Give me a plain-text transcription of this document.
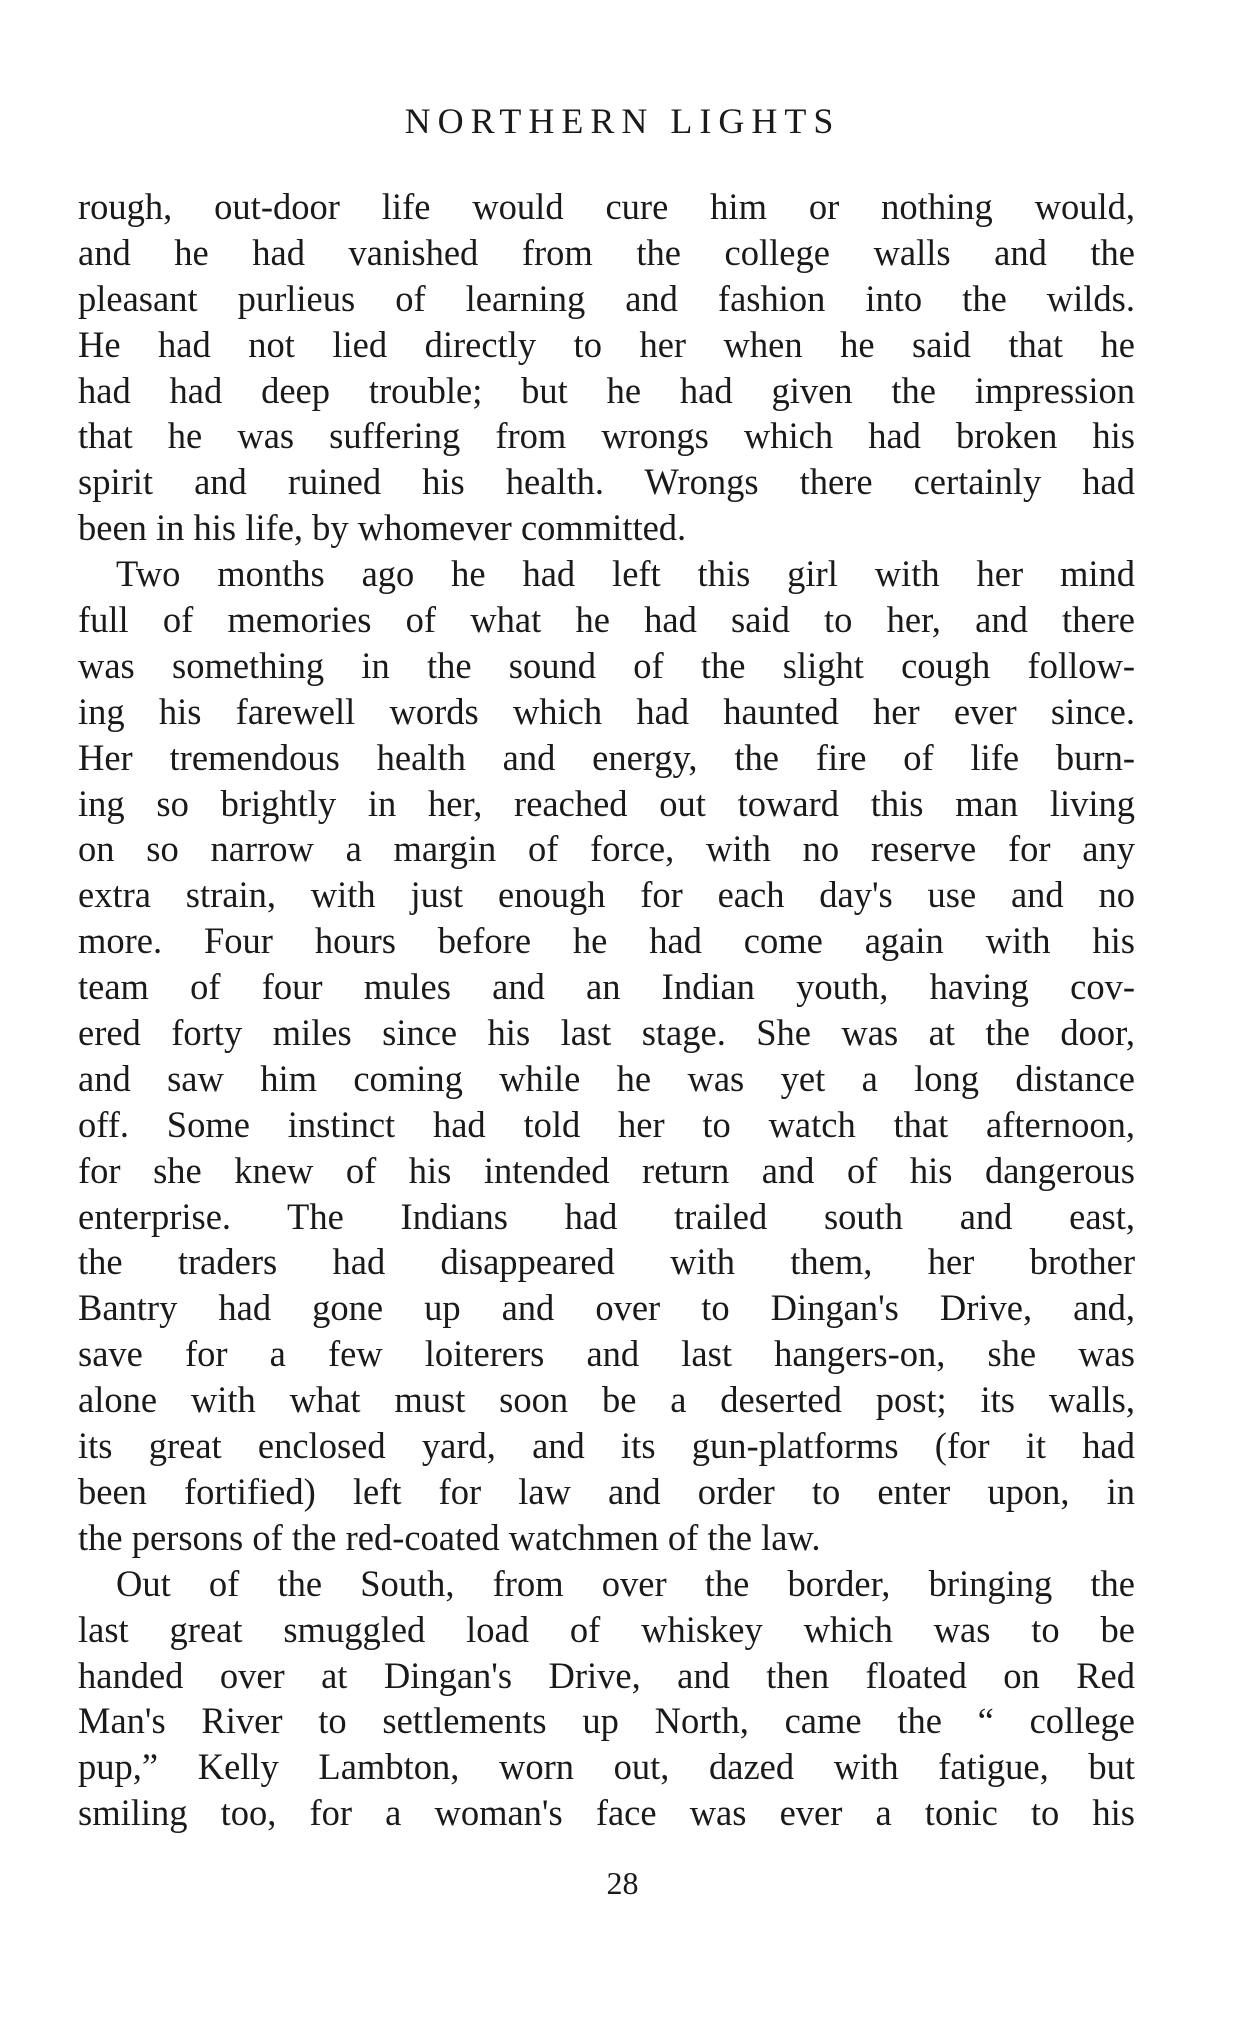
NORTHERN LIGHTS
rough, out-door life would cure him or nothing would,
and he had vanished from the college walls and the
pleasant purlieus of learning and fashion into the wilds.
He had not lied directly to her when he said that he
had had deep trouble; but he had given the impression
that he was suffering from wrongs which had broken his
spirit and ruined his health. Wrongs there certainly had
been in his life, by whomever committed.
Two months ago he had left this girl with her mind
full of memories of what he had said to her, and there
was something in the sound of the slight cough follow-
ing his farewell words which had haunted her ever since.
Her tremendous health and energy, the fire of life burn-
ing so brightly in her, reached out toward this man living
on so narrow a margin of force, with no reserve for any
extra strain, with just enough for each day's use and no
more. Four hours before he had come again with his
team of four mules and an Indian youth, having cov-
ered forty miles since his last stage. She was at the door,
and saw him coming while he was yet a long distance
off. Some instinct had told her to watch that afternoon,
for she knew of his intended return and of his dangerous
enterprise. The Indians had trailed south and east,
the traders had disappeared with them, her brother
Bantry had gone up and over to Dingan's Drive, and,
save for a few loiterers and last hangers-on, she was
alone with what must soon be a deserted post; its walls,
its great enclosed yard, and its gun-platforms (for it had
been fortified) left for law and order to enter upon, in
the persons of the red-coated watchmen of the law.
Out of the South, from over the border, bringing the
last great smuggled load of whiskey which was to be
handed over at Dingan's Drive, and then floated on Red
Man's River to settlements up North, came the “ college
pup,” Kelly Lambton, worn out, dazed with fatigue, but
smiling too, for a woman's face was ever a tonic to his
28
